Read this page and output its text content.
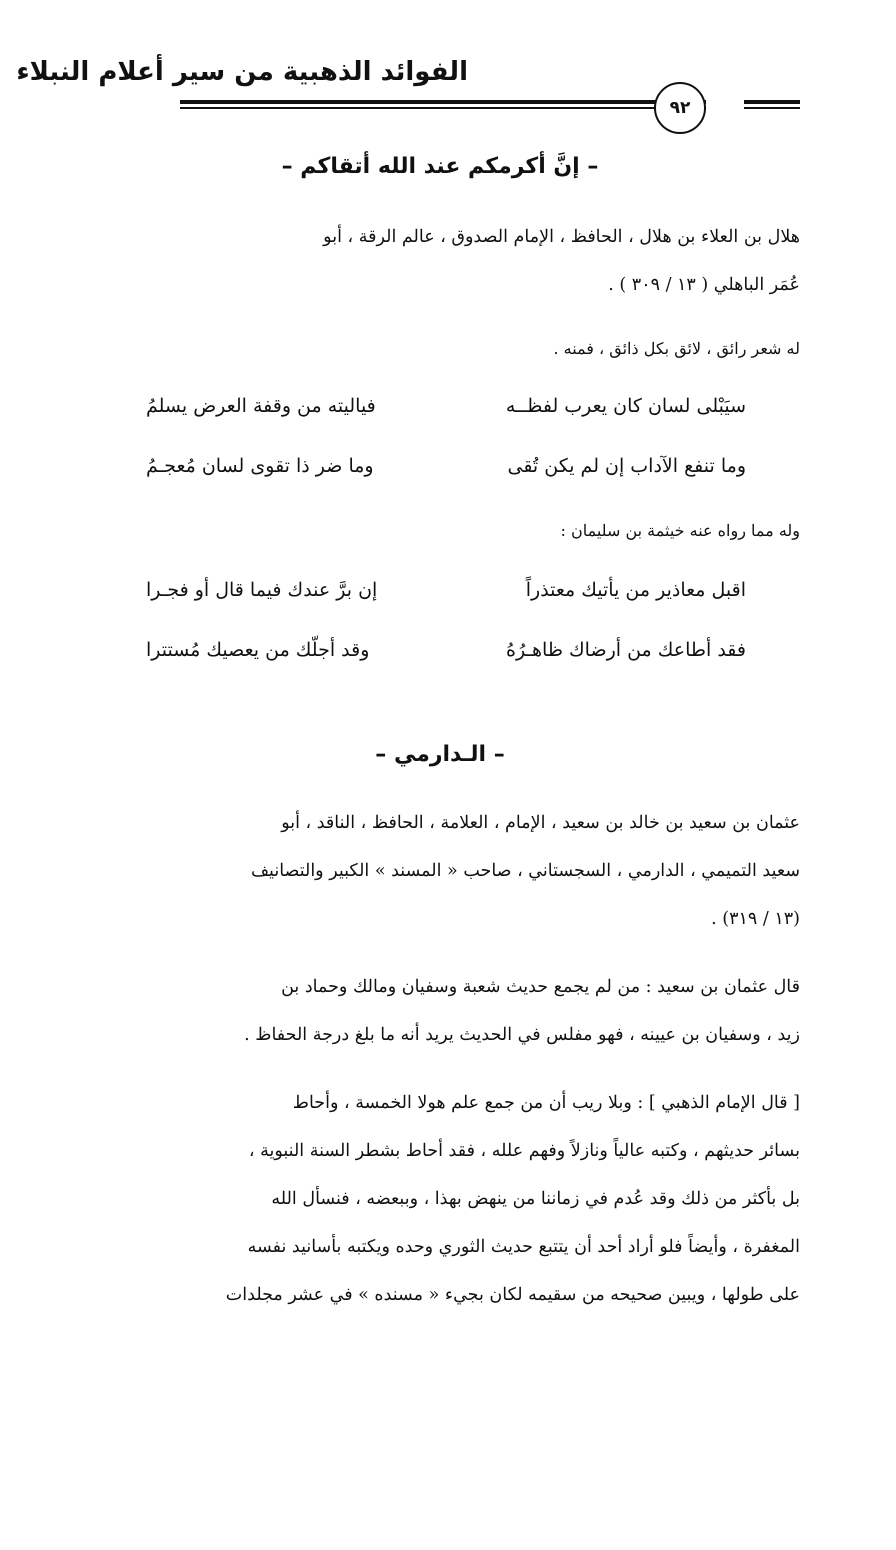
الفوائد الذهبية من سير أعلام النبلاء
٩٢
– إنَّ أكرمكم عند الله أتقاكم –
هلال بن العلاء بن هلال ، الحافظ ، الإمام الصدوق ، عالم الرقة ، أبو
عُمَر الباهلي ( ١٣ / ٣٠٩ ) .
له شعر رائق ، لائق بكل ذائق ، فمنه .
سيَبْلى لسان كان يعرب لفظــه
فياليته من وقفة العرض يسلمُ
وما تنفع الآداب إن لم يكن تُقى
وما ضر ذا تقوى لسان مُعجـمُ
وله مما رواه عنه خيثمة بن سليمان :
اقبل معاذير من يأتيك معتذراً
إن برَّ عندك فيما قال أو فجـرا
فقد أطاعك من أرضاك ظاهـرُهُ
وقد أجلّك من يعصيك مُستترا
– الـدارمي –
عثمان بن سعيد بن خالد بن سعيد ، الإمام ، العلامة ، الحافظ ، الناقد ، أبو
سعيد التميمي ، الدارمي ، السجستاني ، صاحب « المسند » الكبير والتصانيف
(١٣ / ٣١٩) .
قال عثمان بن سعيد : من لم يجمع حديث شعبة وسفيان ومالك وحماد بن
زيد ، وسفيان بن عيينه ، فهو مفلس في الحديث يريد أنه ما بلغ درجة الحفاظ .
[ قال الإمام الذهبي ] : وبلا ريب أن من جمع علم هولا الخمسة ، وأحاط
بسائر حديثهم ، وكتبه عالياً ونازلاً وفهم علله ، فقد أحاط بشطر السنة النبوية ،
بل بأكثر من ذلك وقد عُدم في زماننا من ينهض بهذا ، وببعضه ، فنسأل الله
المغفرة ، وأيضاً فلو أراد أحد أن يتتبع حديث الثوري وحده ويكتبه بأسانيد نفسه
على طولها ، ويبين صحيحه من سقيمه لكان بجيء « مسنده » في عشر مجلدات
